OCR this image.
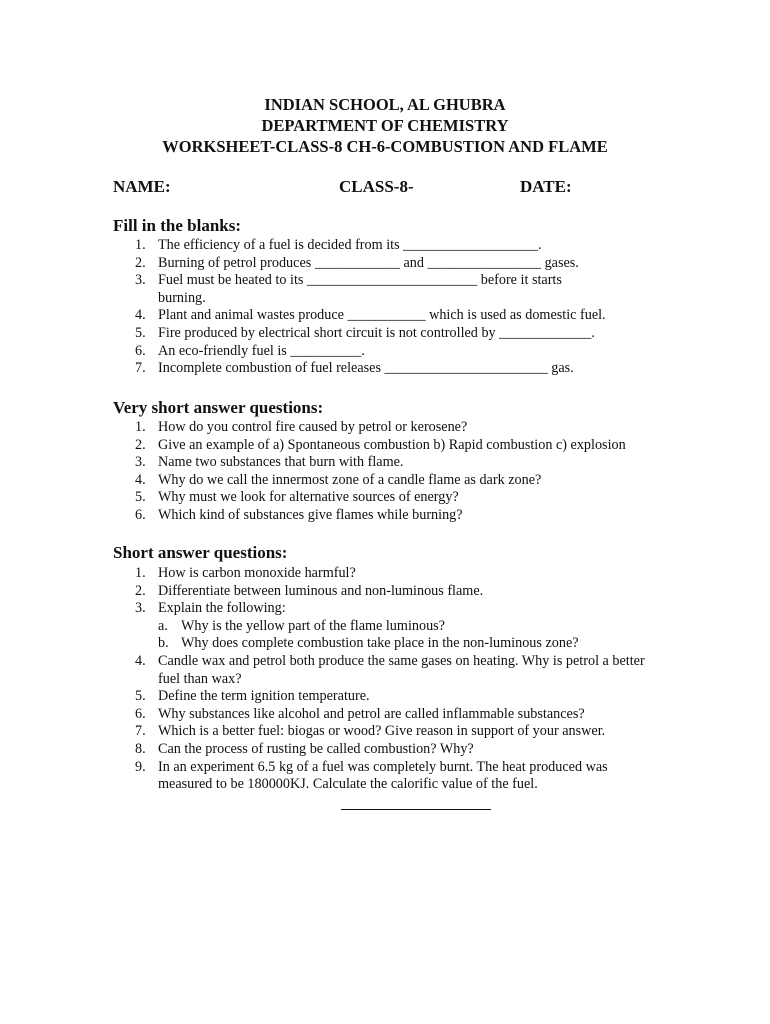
INDIAN SCHOOL, AL GHUBRA
DEPARTMENT OF CHEMISTRY
WORKSHEET-CLASS-8 CH-6-COMBUSTION AND FLAME
NAME:	CLASS-8-	DATE:
Fill in the blanks:
1. The efficiency of a fuel is decided from its ___________________.
2. Burning of petrol produces ____________ and ________________ gases.
3. Fuel must be heated to its ________________________ before it starts burning.
4. Plant and animal wastes produce ___________ which is used as domestic fuel.
5. Fire produced by electrical short circuit is not controlled by _____________.
6. An eco-friendly fuel is __________.
7. Incomplete combustion of fuel releases _______________________ gas.
Very short answer questions:
1. How do you control fire caused by petrol or kerosene?
2. Give an example of a) Spontaneous combustion b) Rapid combustion c) explosion
3. Name two substances that burn with flame.
4. Why do we call the innermost zone of a candle flame as dark zone?
5. Why must we look for alternative sources of energy?
6. Which kind of substances give flames while burning?
Short answer questions:
1. How is carbon monoxide harmful?
2. Differentiate between luminous and non-luminous flame.
3. Explain the following:
a. Why is the yellow part of the flame luminous?
b. Why does complete combustion take place in the non-luminous zone?
4. Candle wax and petrol both produce the same gases on heating. Why is petrol a better fuel than wax?
5. Define the term ignition temperature.
6. Why substances like alcohol and petrol are called inflammable substances?
7. Which is a better fuel: biogas or wood? Give reason in support of your answer.
8. Can the process of rusting be called combustion? Why?
9. In an experiment 6.5 kg of a fuel was completely burnt. The heat produced was measured to be 180000KJ. Calculate the calorific value of the fuel.
